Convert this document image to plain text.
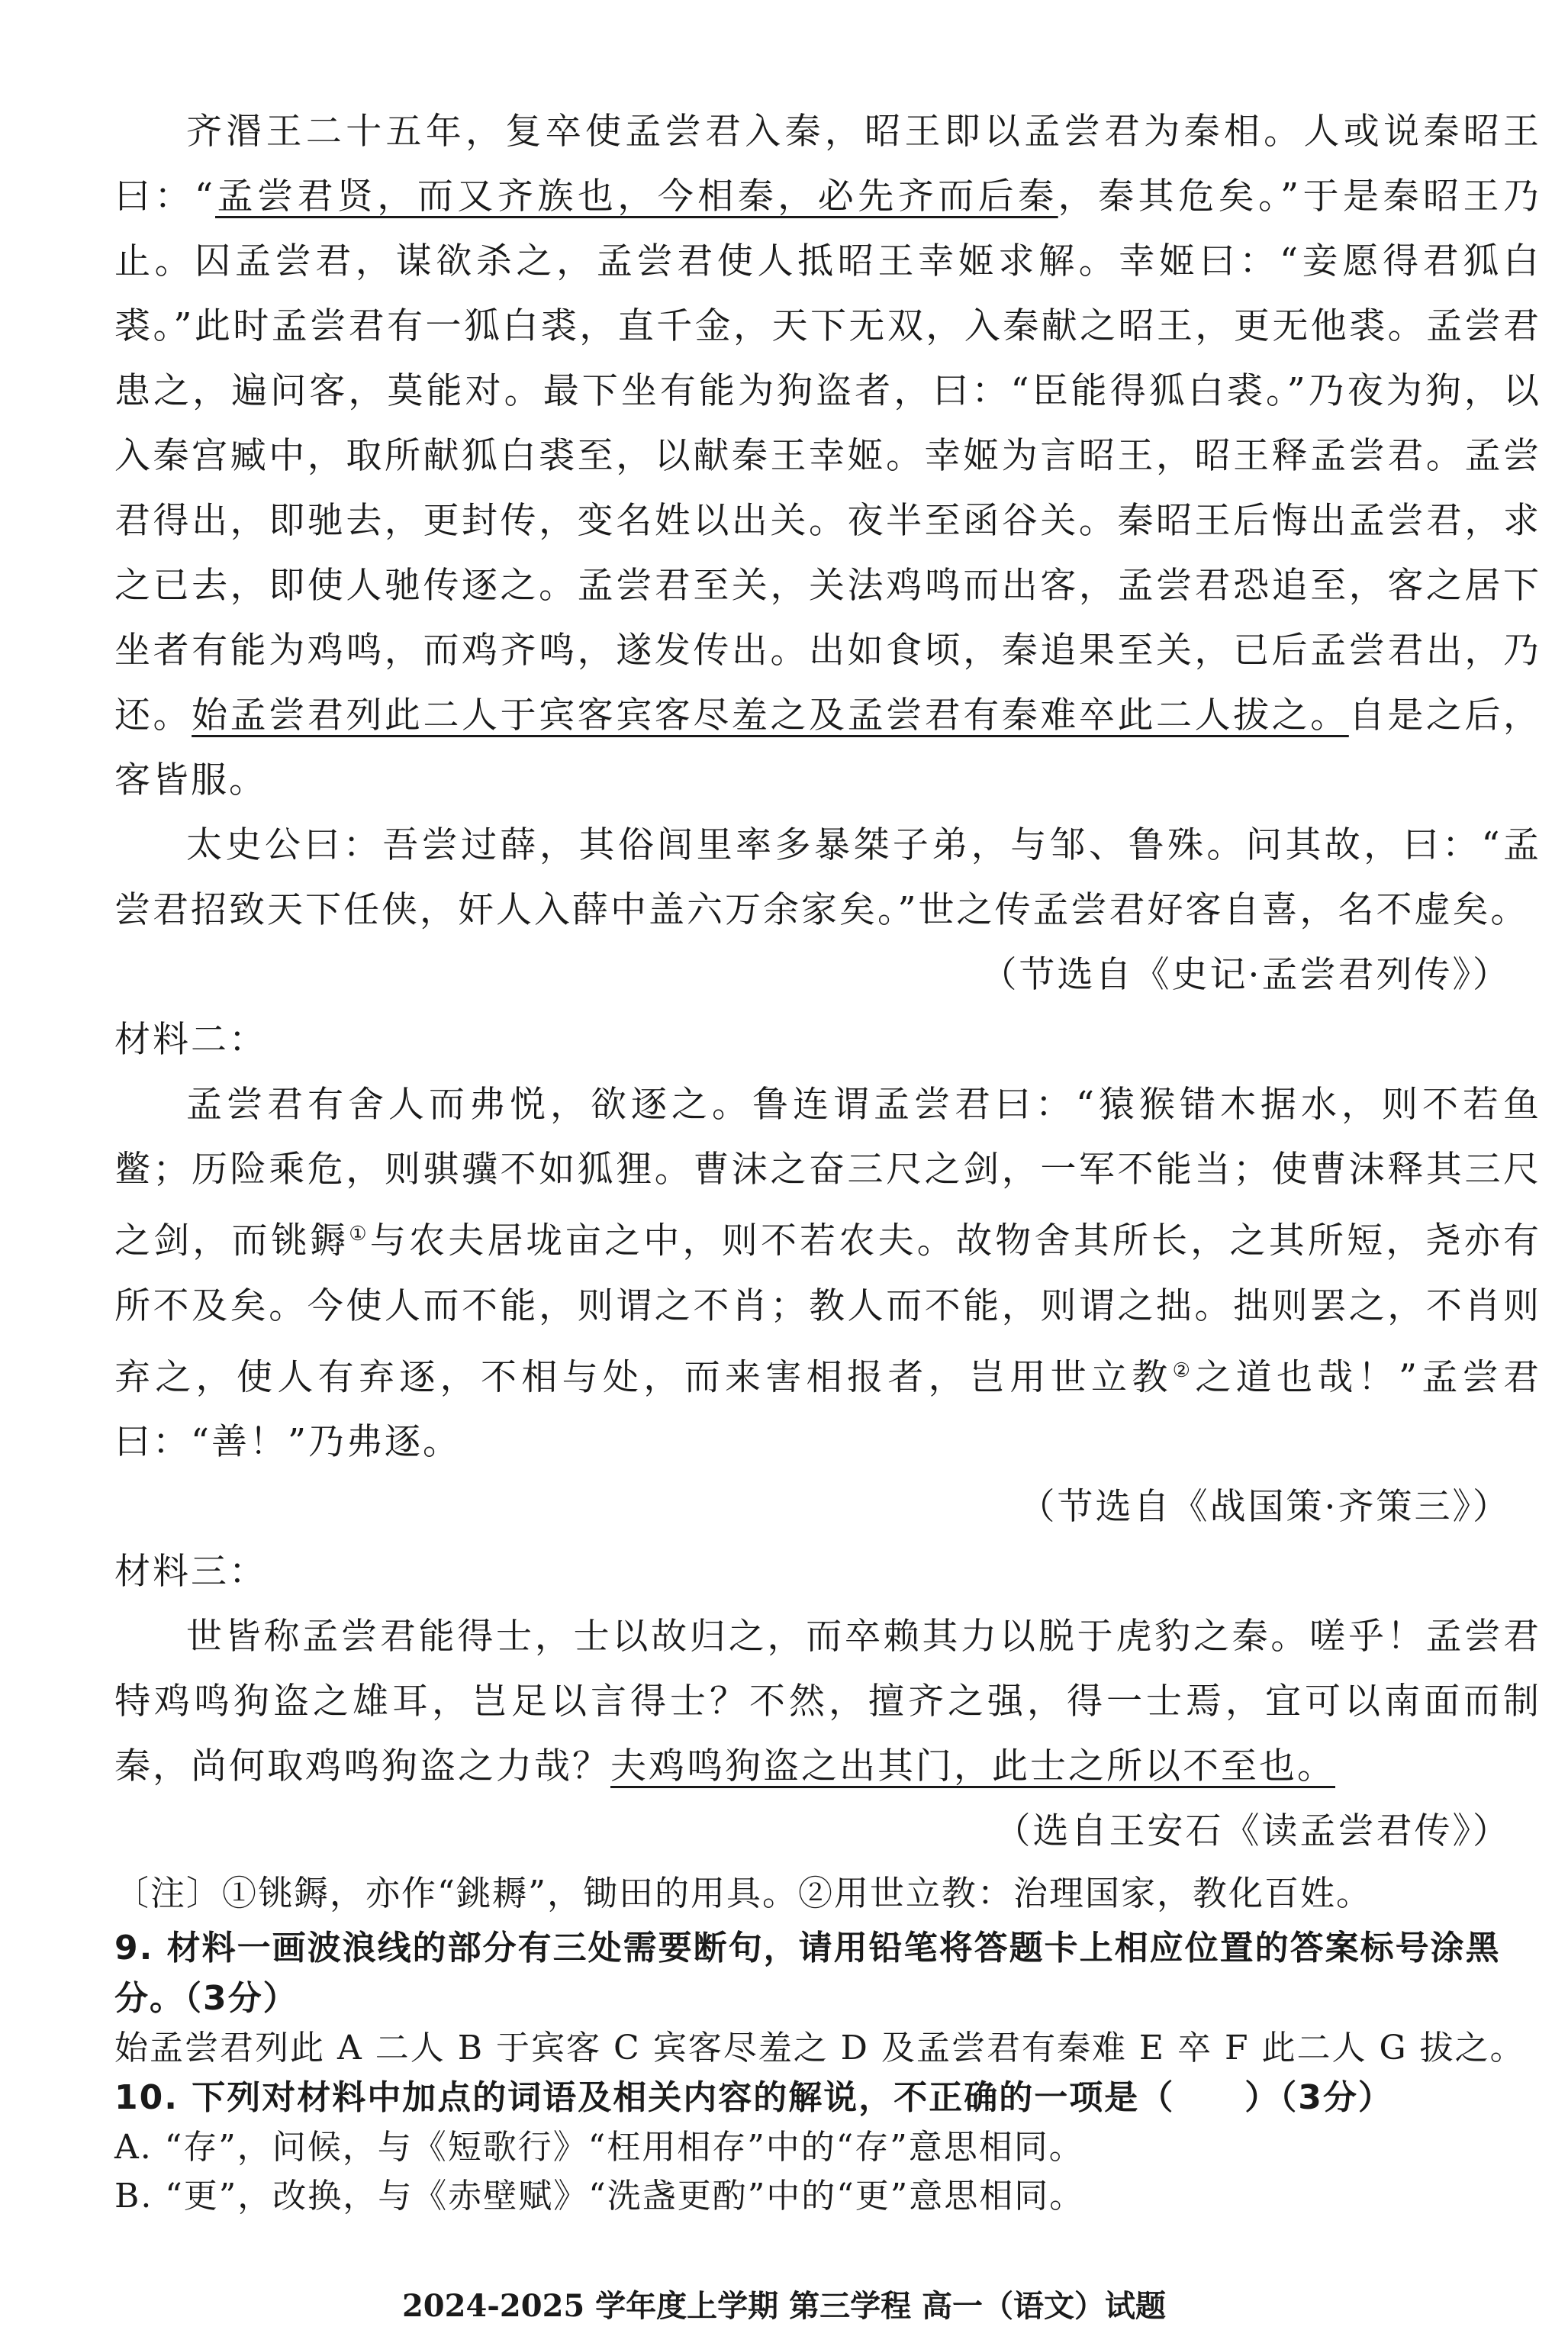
齐湣王二十五年，复卒使孟尝君入秦，昭王即以孟尝君为秦相。人或说秦昭王曰：“孟尝君贤，而又齐族也，今相秦，必先齐而后秦，秦其危矣。”于是秦昭王乃止。囚孟尝君，谋欲杀之，孟尝君使人抵昭王幸姬求解。幸姬曰：“妾愿得君狐白裘。”此时孟尝君有一狐白裘，直千金，天下无双，入秦献之昭王，更无他裘。孟尝君患之，遍问客，莫能对。最下坐有能为狗盗者，曰：“臣能得狐白裘。”乃夜为狗，以入秦宫臧中，取所献狐白裘至，以献秦王幸姬。幸姬为言昭王，昭王释孟尝君。孟尝君得出，即驰去，更封传，变名姓以出关。夜半至函谷关。秦昭王后悔出孟尝君，求之已去，即使人驰传逐之。孟尝君至关，关法鸡鸣而出客，孟尝君恐追至，客之居下坐者有能为鸡鸣，而鸡齐鸣，遂发传出。出如食顷，秦追果至关，已后孟尝君出，乃还。始孟尝君列此二人于宾客宾客尽羞之及孟尝君有秦难卒此二人拔之。自是之后，客皆服。

太史公曰：吾尝过薛，其俗闾里率多暴桀子弟，与邹、鲁殊。问其故，曰：“孟尝君招致天下任侠，奸人入薛中盖六万余家矣。”世之传孟尝君好客自喜，名不虚矣。

（节选自《史记·孟尝君列传》）

材料二：

孟尝君有舍人而弗悦，欲逐之。鲁连谓孟尝君曰：“猿猴错木据水，则不若鱼鳖；历险乘危，则骐骥不如狐狸。曹沫之奋三尺之剑，一军不能当；使曹沫释其三尺之剑，而铫鎒①与农夫居垅亩之中，则不若农夫。故物舍其所长，之其所短，尧亦有所不及矣。今使人而不能，则谓之不肖；教人而不能，则谓之拙。拙则罢之，不肖则弃之，使人有弃逐，不相与处，而来害相报者，岂用世立教②之道也哉！”孟尝君曰：“善！”乃弗逐。

（节选自《战国策·齐策三》）

材料三：

世皆称孟尝君能得士，士以故归之，而卒赖其力以脱于虎豹之秦。嗟乎！孟尝君特鸡鸣狗盗之雄耳，岂足以言得士？不然，擅齐之强，得一士焉，宜可以南面而制秦，尚何取鸡鸣狗盗之力哉？夫鸡鸣狗盗之出其门，此士之所以不至也。

（选自王安石《读孟尝君传》）

〔注〕①铫鎒，亦作“銚耨”，锄田的用具。②用世立教：治理国家，教化百姓。

9. 材料一画波浪线的部分有三处需要断句，请用铅笔将答题卡上相应位置的答案标号涂黑分。（3分）

始孟尝君列此 A 二人 B 于宾客 C 宾客尽羞之 D 及孟尝君有秦难 E 卒 F 此二人 G 拔之。

10. 下列对材料中加点的词语及相关内容的解说，不正确的一项是（　　）（3分）

A. “存”，问候，与《短歌行》“枉用相存”中的“存”意思相同。

B. “更”，改换，与《赤壁赋》“洗盏更酌”中的“更”意思相同。

2024-2025 学年度上学期 第三学程 高一（语文）试题
